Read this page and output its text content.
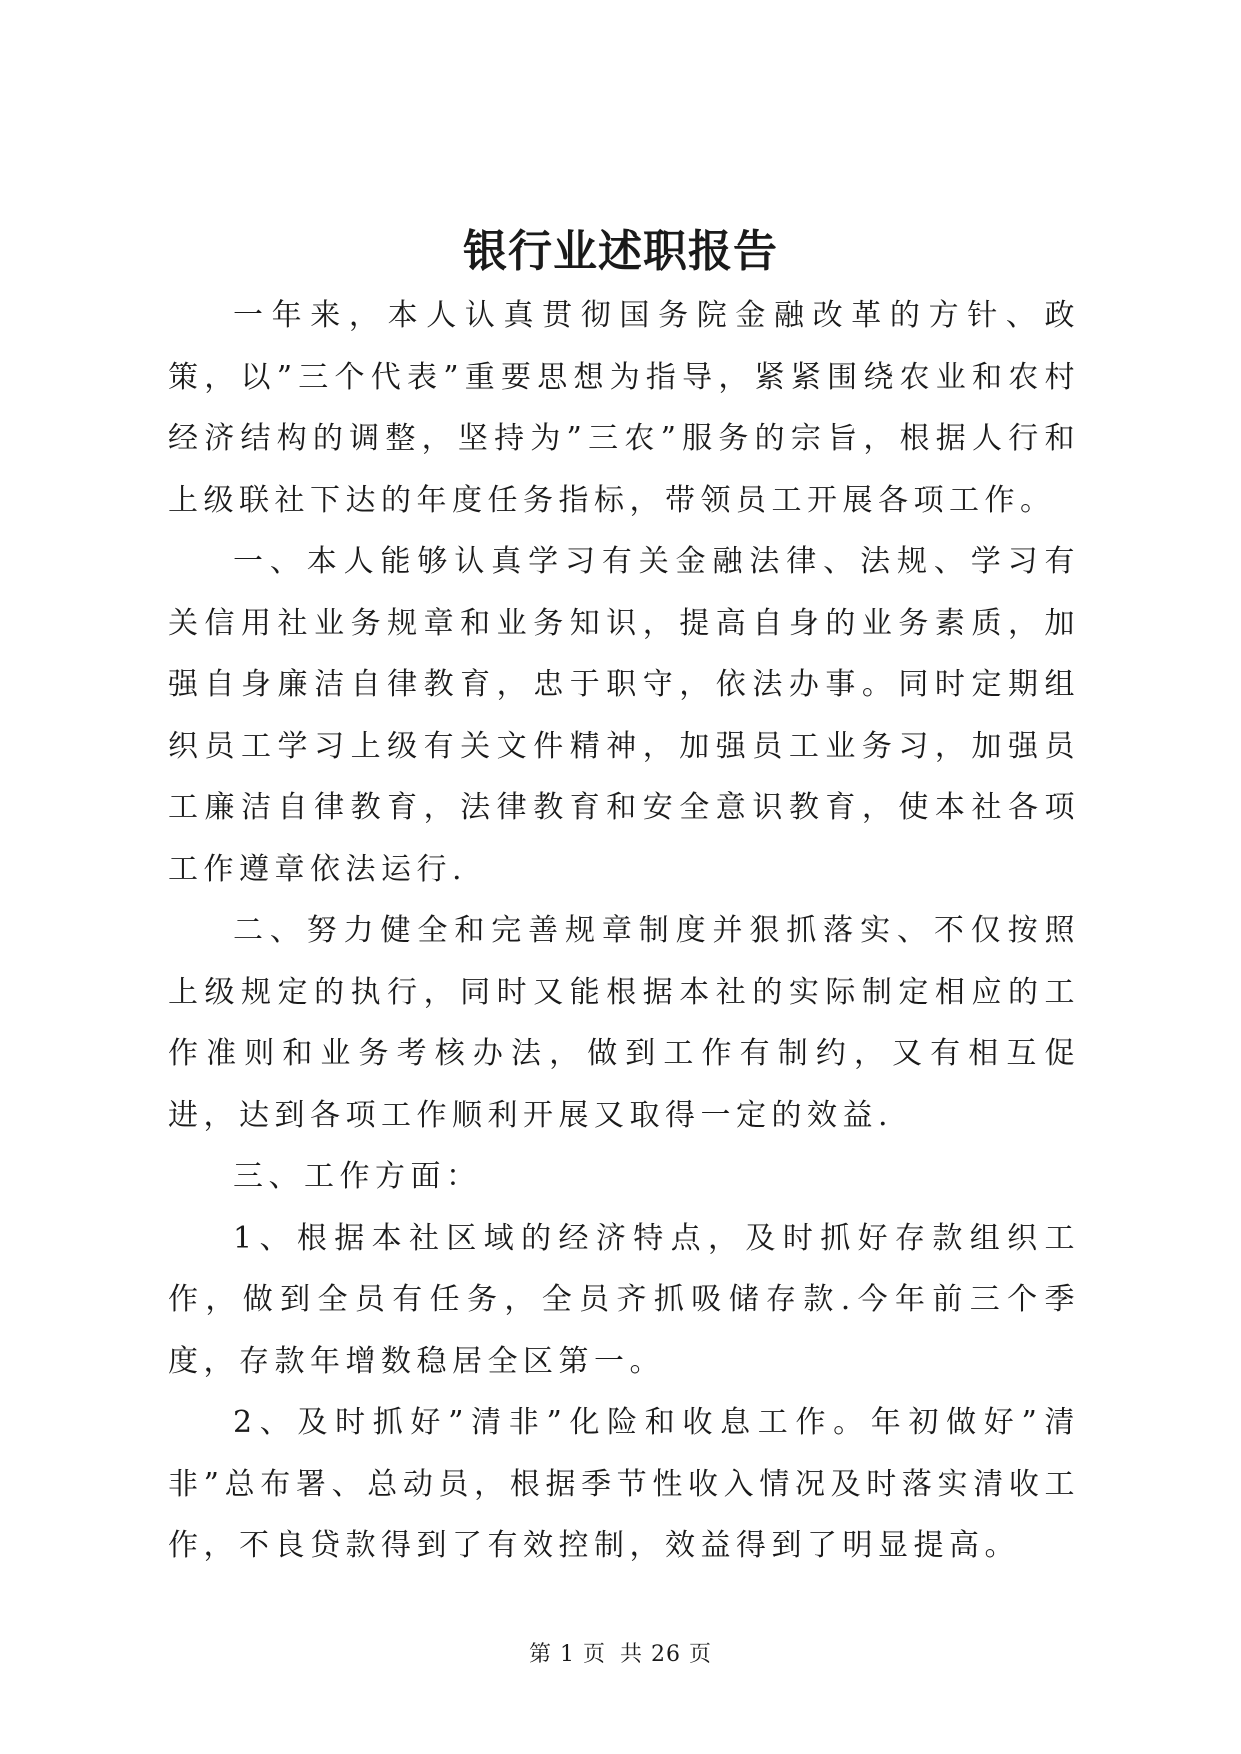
银行业述职报告

一年来，本人认真贯彻国务院金融改革的方针、政策，以”三个代表”重要思想为指导，紧紧围绕农业和农村经济结构的调整，坚持为”三农”服务的宗旨，根据人行和上级联社下达的年度任务指标，带领员工开展各项工作。

一、本人能够认真学习有关金融法律、法规、学习有关信用社业务规章和业务知识，提高自身的业务素质，加强自身廉洁自律教育，忠于职守，依法办事。同时定期组织员工学习上级有关文件精神，加强员工业务习，加强员工廉洁自律教育，法律教育和安全意识教育，使本社各项工作遵章依法运行.

二、努力健全和完善规章制度并狠抓落实、不仅按照上级规定的执行，同时又能根据本社的实际制定相应的工作准则和业务考核办法，做到工作有制约，又有相互促进，达到各项工作顺利开展又取得一定的效益.

三、工作方面：

1、根据本社区域的经济特点，及时抓好存款组织工作，做到全员有任务，全员齐抓吸储存款.今年前三个季度，存款年增数稳居全区第一。

2、及时抓好”清非”化险和收息工作。年初做好”清非”总布署、总动员，根据季节性收入情况及时落实清收工作，不良贷款得到了有效控制，效益得到了明显提高。

第 1 页 共 26 页
